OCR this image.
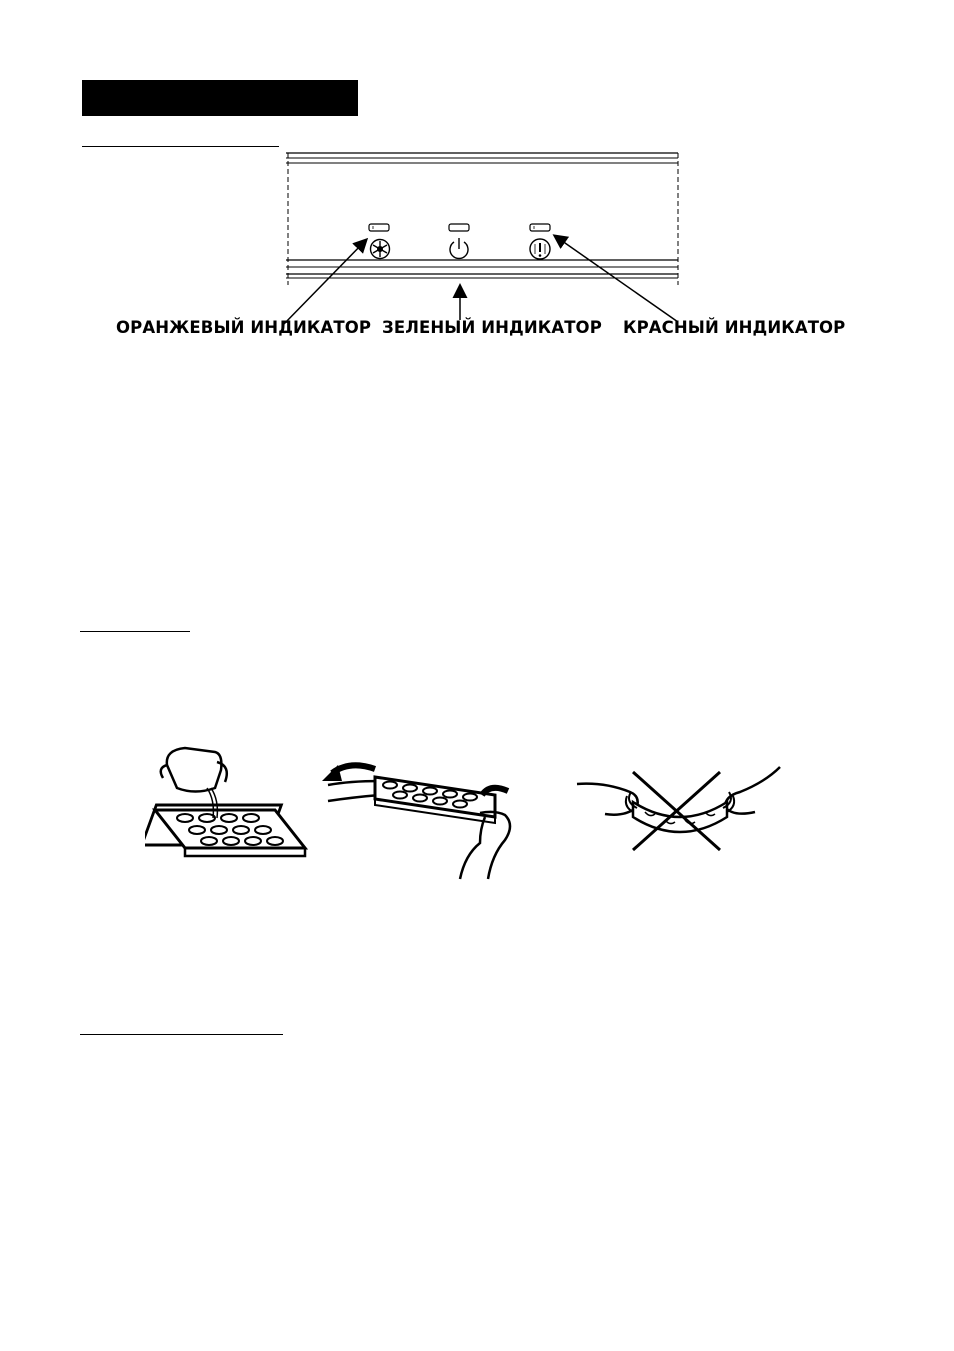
ОРАНЖЕВЫЙ ИНДИКАТОР ЗЕЛЕНЫЙ ИНДИКАТОР КРАСНЫЙ ИНДИКАТОР
